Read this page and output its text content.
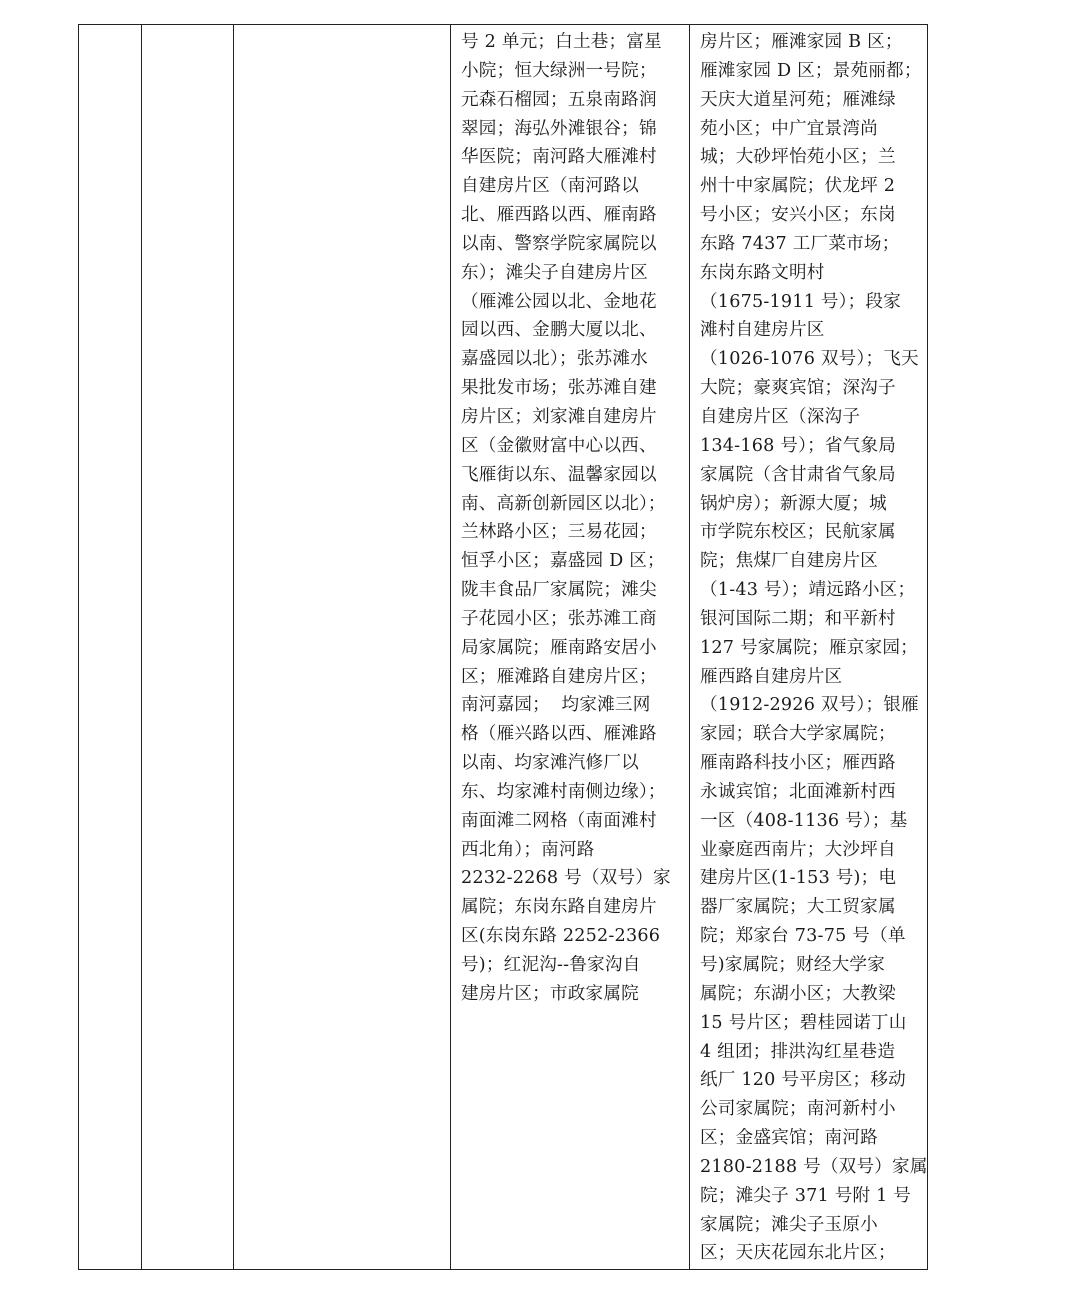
号 2 单元；白土巷；富星
小院；恒大绿洲一号院；
元森石榴园；五泉南路润
翠园；海弘外滩银谷；锦
华医院；南河路大雁滩村
自建房片区（南河路以
北、雁西路以西、雁南路
以南、警察学院家属院以
东）；滩尖子自建房片区
（雁滩公园以北、金地花
园以西、金鹏大厦以北、
嘉盛园以北）；张苏滩水
果批发市场；张苏滩自建
房片区；刘家滩自建房片
区（金徽财富中心以西、
飞雁街以东、温馨家园以
南、高新创新园区以北）；
兰林路小区；三易花园；
恒孚小区；嘉盛园 D 区；
陇丰食品厂家属院；滩尖
子花园小区；张苏滩工商
局家属院；雁南路安居小
区；雁滩路自建房片区；
南河嘉园；  均家滩三网
格（雁兴路以西、雁滩路
以南、均家滩汽修厂以
东、均家滩村南侧边缘）；
南面滩二网格（南面滩村
西北角）；南河路
2232-2268 号（双号）家
属院；东岗东路自建房片
区(东岗东路 2252-2366
号)；红泥沟--鲁家沟自
建房片区；市政家属院

房片区；雁滩家园 B 区；
雁滩家园 D 区；景苑丽都；
天庆大道星河苑；雁滩绿
苑小区；中广宜景湾尚
城；大砂坪怡苑小区；兰
州十中家属院；伏龙坪 2
号小区；安兴小区；东岗
东路 7437 工厂菜市场；
东岗东路文明村
（1675-1911 号）；段家
滩村自建房片区
（1026-1076 双号）；飞天
大院；豪爽宾馆；深沟子
自建房片区（深沟子
134-168 号）；省气象局
家属院（含甘肃省气象局
锅炉房）；新源大厦；城
市学院东校区；民航家属
院；焦煤厂自建房片区
（1-43 号）；靖远路小区；
银河国际二期；和平新村
127 号家属院；雁京家园；
雁西路自建房片区
（1912-2926 双号）；银雁
家园；联合大学家属院；
雁南路科技小区；雁西路
永诚宾馆；北面滩新村西
一区（408-1136 号）；基
业豪庭西南片；大沙坪自
建房片区(1-153 号)；电
器厂家属院；大工贸家属
院；郑家台 73-75 号（单
号)家属院；财经大学家
属院；东湖小区；大教梁
15 号片区；碧桂园诺丁山
4 组团；排洪沟红星巷造
纸厂 120 号平房区；移动
公司家属院；南河新村小
区；金盛宾馆；南河路
2180-2188 号（双号）家属
院；滩尖子 371 号附 1 号
家属院；滩尖子玉原小
区；天庆花园东北片区；
